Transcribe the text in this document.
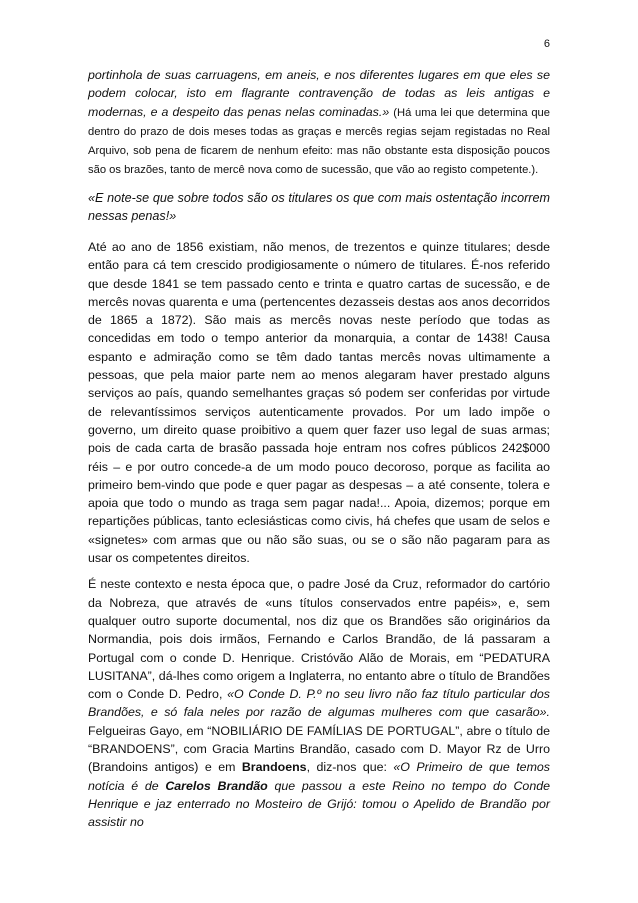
6

portinhola de suas carruagens, em aneis, e nos diferentes lugares em que eles se podem colocar, isto em flagrante contravenção de todas as leis antigas e modernas, e a despeito das penas nelas cominadas.» (Há uma lei que determina que dentro do prazo de dois meses todas as graças e mercês regias sejam registadas no Real Arquivo, sob pena de ficarem de nenhum efeito: mas não obstante esta disposição poucos são os brazões, tanto de mercê nova como de sucessão, que vão ao registo competente.).

«E note-se que sobre todos são os titulares os que com mais ostentação incorrem nessas penas!»

Até ao ano de 1856 existiam, não menos, de trezentos e quinze titulares; desde então para cá tem crescido prodigiosamente o número de titulares. É-nos referido que desde 1841 se tem passado cento e trinta e quatro cartas de sucessão, e de mercês novas quarenta e uma (pertencentes dezasseis destas aos anos decorridos de 1865 a 1872). São mais as mercês novas neste período que todas as concedidas em todo o tempo anterior da monarquia, a contar de 1438! Causa espanto e admiração como se têm dado tantas mercês novas ultimamente a pessoas, que pela maior parte nem ao menos alegaram haver prestado alguns serviços ao país, quando semelhantes graças só podem ser conferidas por virtude de relevantíssimos serviços autenticamente provados. Por um lado impõe o governo, um direito quase proibitivo a quem quer fazer uso legal de suas armas; pois de cada carta de brasão passada hoje entram nos cofres públicos 242$000 réis – e por outro concede-a de um modo pouco decoroso, porque as facilita ao primeiro bem-vindo que pode e quer pagar as despesas – a até consente, tolera e apoia que todo o mundo as traga sem pagar nada!... Apoia, dizemos; porque em repartições públicas, tanto eclesiásticas como civis, há chefes que usam de selos e «signetes» com armas que ou não são suas, ou se o são não pagaram para as usar os competentes direitos.

É neste contexto e nesta época que, o padre José da Cruz, reformador do cartório da Nobreza, que através de «uns títulos conservados entre papéis», e, sem qualquer outro suporte documental, nos diz que os Brandões são originários da Normandia, pois dois irmãos, Fernando e Carlos Brandão, de lá passaram a Portugal com o conde D. Henrique. Cristóvão Alão de Morais, em “PEDATURA LUSITANA”, dá-lhes como origem a Inglaterra, no entanto abre o título de Brandões com o Conde D. Pedro, «O Conde D. P.º no seu livro não faz título particular dos Brandões, e só fala neles por razão de algumas mulheres com que casarão». Felgueiras Gayo, em “NOBILIÁRIO DE FAMÍLIAS DE PORTUGAL”, abre o título de “BRANDOENS”, com Gracia Martins Brandão, casado com D. Mayor Rz de Urro (Brandoins antigos) e em Brandoens, diz-nos que: «O Primeiro de que temos notícia é de Carelos Brandão que passou a este Reino no tempo do Conde Henrique e jaz enterrado no Mosteiro de Grijó: tomou o Apelido de Brandão por assistir no
